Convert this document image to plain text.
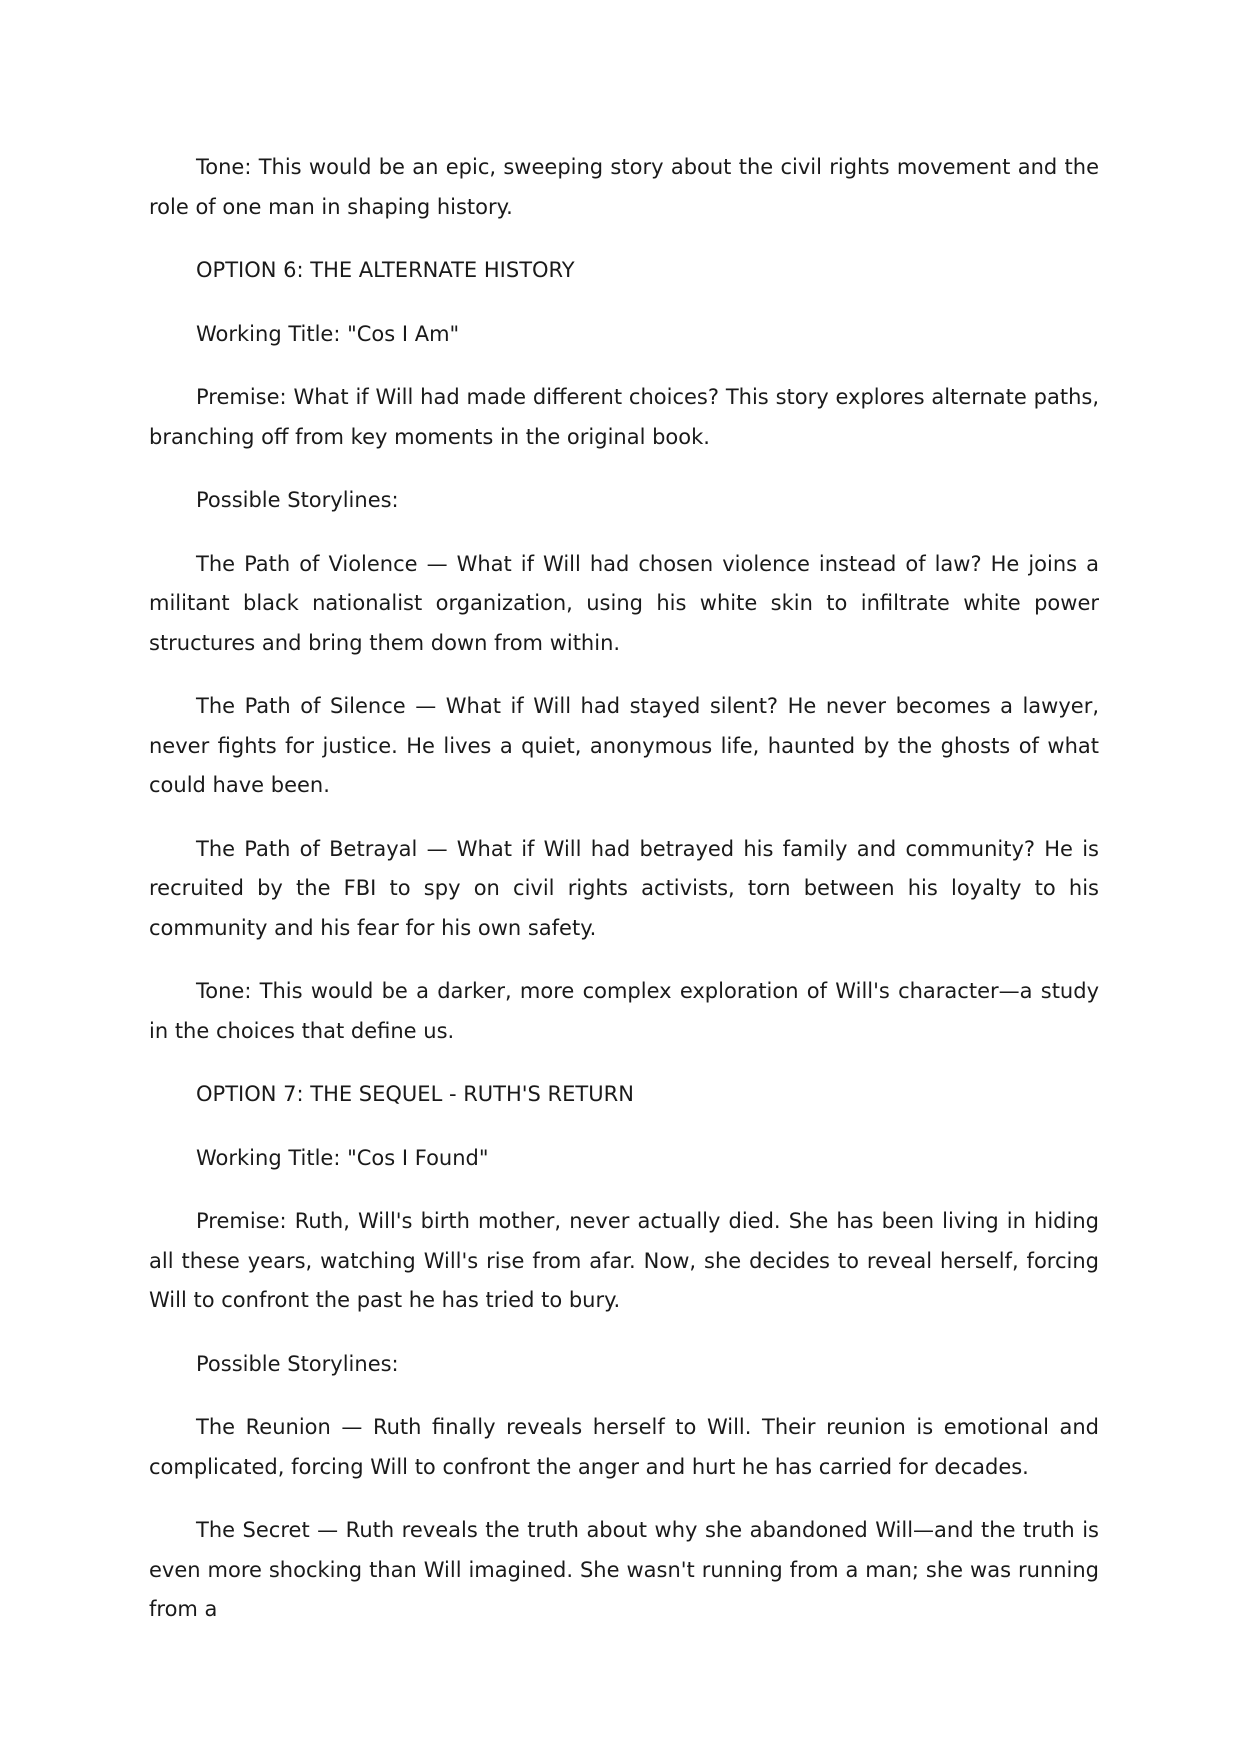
Tone: This would be an epic, sweeping story about the civil rights movement and the role of one man in shaping history.

OPTION 6: THE ALTERNATE HISTORY

Working Title: "Cos I Am"

Premise: What if Will had made different choices? This story explores alternate paths, branching off from key moments in the original book.

Possible Storylines:

The Path of Violence — What if Will had chosen violence instead of law? He joins a militant black nationalist organization, using his white skin to infiltrate white power structures and bring them down from within.

The Path of Silence — What if Will had stayed silent? He never becomes a lawyer, never fights for justice. He lives a quiet, anonymous life, haunted by the ghosts of what could have been.

The Path of Betrayal — What if Will had betrayed his family and community? He is recruited by the FBI to spy on civil rights activists, torn between his loyalty to his community and his fear for his own safety.

Tone: This would be a darker, more complex exploration of Will's character—a study in the choices that define us.

OPTION 7: THE SEQUEL - RUTH'S RETURN

Working Title: "Cos I Found"

Premise: Ruth, Will's birth mother, never actually died. She has been living in hiding all these years, watching Will's rise from afar. Now, she decides to reveal herself, forcing Will to confront the past he has tried to bury.

Possible Storylines:

The Reunion — Ruth finally reveals herself to Will. Their reunion is emotional and complicated, forcing Will to confront the anger and hurt he has carried for decades.

The Secret — Ruth reveals the truth about why she abandoned Will—and the truth is even more shocking than Will imagined. She wasn't running from a man; she was running from a
